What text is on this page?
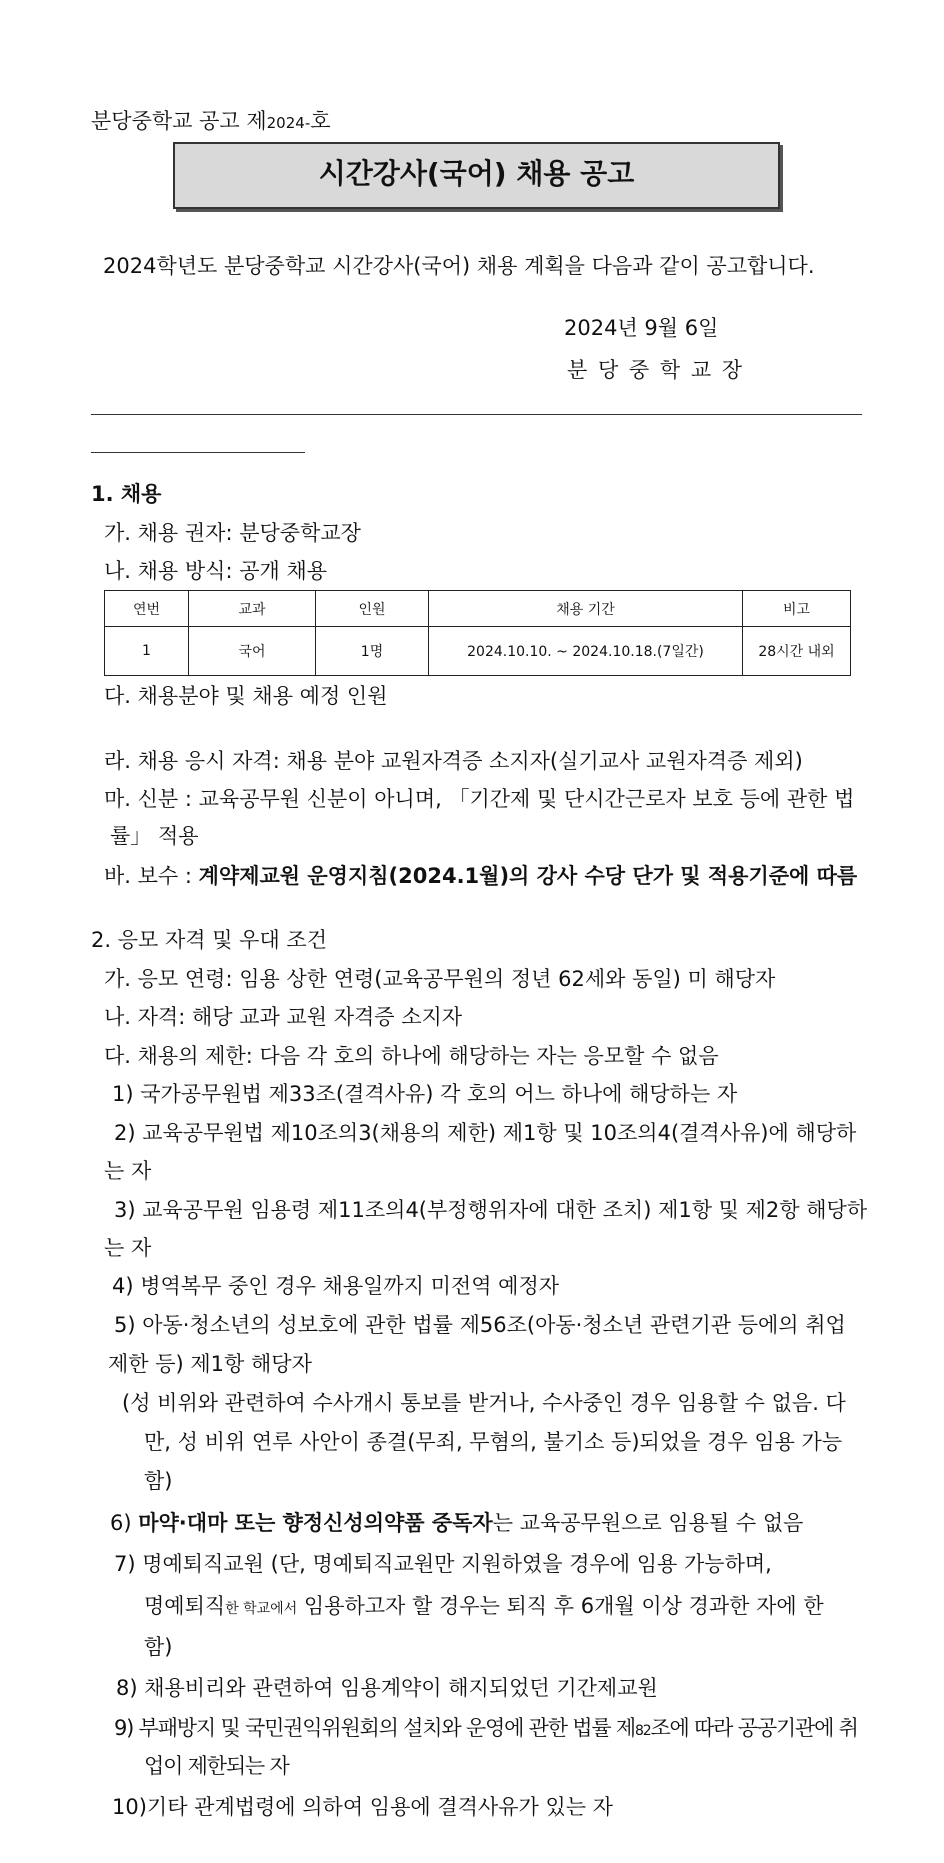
분당중학교 공고 제2024-호
시간강사(국어) 채용 공고
2024학년도 분당중학교 시간강사(국어) 채용 계획을 다음과 같이 공고합니다.
2024년 9월 6일
분 당 중 학 교 장
1. 채용
가. 채용 권자: 분당중학교장
나. 채용 방식: 공개 채용
연번	교과	인원	채용 기간	비고
1	국어	1명	2024.10.10. ~ 2024.10.18.(7일간)	28시간 내외
다. 채용분야 및 채용 예정 인원
라. 채용 응시 자격: 채용 분야 교원자격증 소지자(실기교사 교원자격증 제외)
마. 신분 : 교육공무원 신분이 아니며, 「기간제 및 단시간근로자 보호 등에 관한 법
률」 적용
바. 보수 : 계약제교원 운영지침(2024.1월)의 강사 수당 단가 및 적용기준에 따름
2. 응모 자격 및 우대 조건
가. 응모 연령: 임용 상한 연령(교육공무원의 정년 62세와 동일) 미 해당자
나. 자격: 해당 교과 교원 자격증 소지자
다. 채용의 제한: 다음 각 호의 하나에 해당하는 자는 응모할 수 없음
1) 국가공무원법 제33조(결격사유) 각 호의 어느 하나에 해당하는 자
2) 교육공무원법 제10조의3(채용의 제한) 제1항 및 10조의4(결격사유)에 해당하
는 자
3) 교육공무원 임용령 제11조의4(부정행위자에 대한 조치) 제1항 및 제2항 해당하
는 자
4) 병역복무 중인 경우 채용일까지 미전역 예정자
5) 아동·청소년의 성보호에 관한 법률 제56조(아동·청소년 관련기관 등에의 취업
제한 등) 제1항 해당자
(성 비위와 관련하여 수사개시 통보를 받거나, 수사중인 경우 임용할 수 없음. 다
만, 성 비위 연루 사안이 종결(무죄, 무혐의, 불기소 등)되었을 경우 임용 가능
함)
6) 마약·대마 또는 향정신성의약품 중독자는 교육공무원으로 임용될 수 없음
7) 명예퇴직교원 (단, 명예퇴직교원만 지원하였을 경우에 임용 가능하며,
명예퇴직한 학교에서 임용하고자 할 경우는 퇴직 후 6개월 이상 경과한 자에 한
함)
8) 채용비리와 관련하여 임용계약이 해지되었던 기간제교원
9) 부패방지 및 국민권익위원회의 설치와 운영에 관한 법률 제82조에 따라 공공기관에 취
업이 제한되는 자
10)기타 관계법령에 의하여 임용에 결격사유가 있는 자
